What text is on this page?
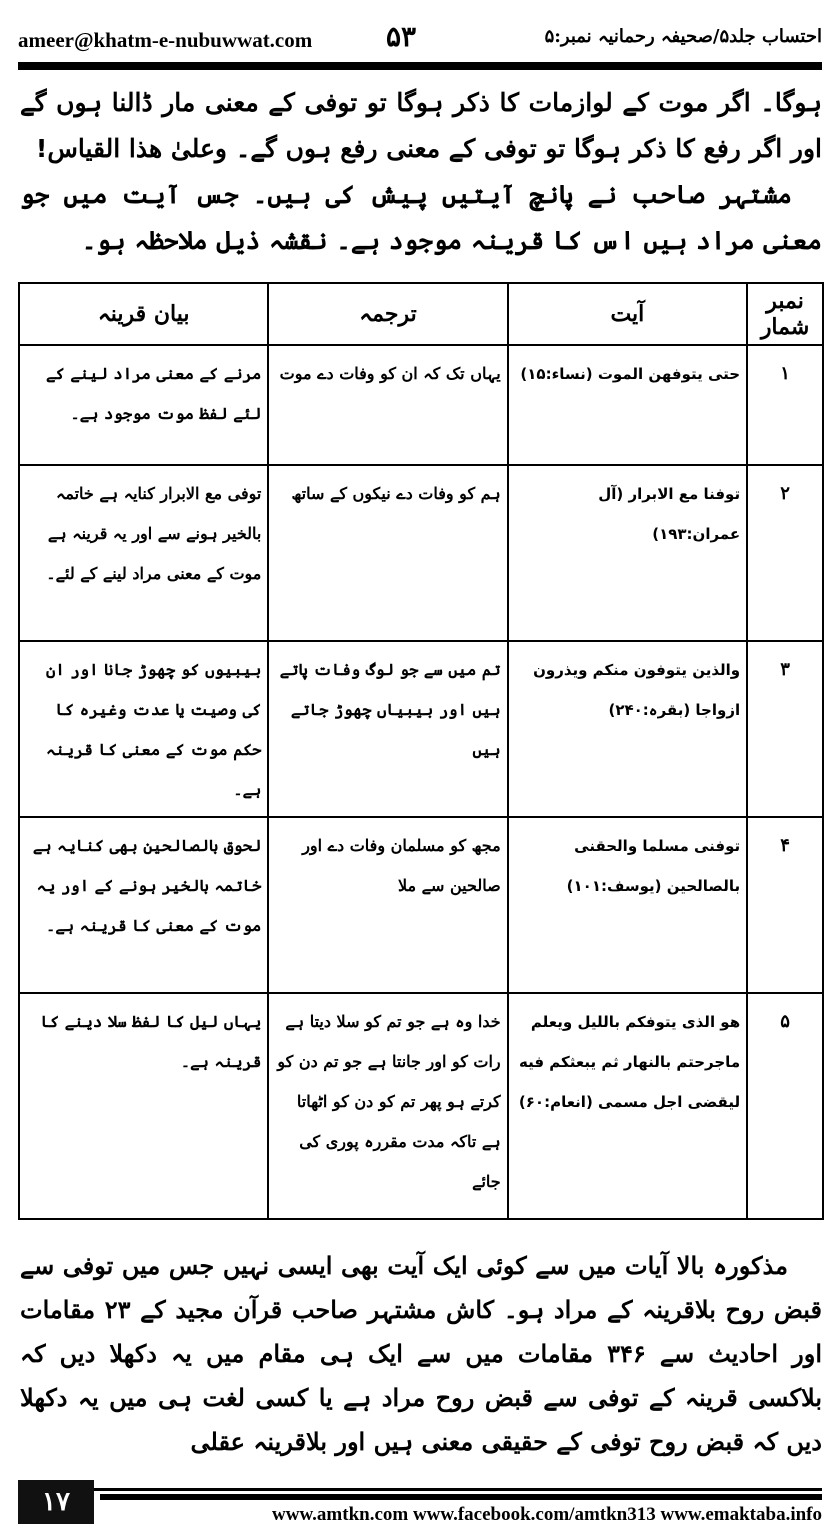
ameer@khatm-e-nubuwwat.com	۵۳	احتساب جلد۵/صحیفہ رحمانیہ نمبر:۵
ہوگا۔ اگر موت کے لوازمات کا ذکر ہوگا تو توفی کے معنی مار ڈالنا ہوں گے اور اگر رفع کا ذکر ہوگا تو توفی کے معنی رفع ہوں گے۔ وعلیٰ هذا القیاس!
مشتہر صاحب نے پانچ آیتیں پیش کی ہیں۔ جس آیت میں جو معنی مراد ہیں اس کا قرینہ موجود ہے۔ نقشہ ذیل ملاحظہ ہو۔
نمبر شمار	آیت	ترجمہ	بیان قرینہ
۱	حتی یتوفهن الموت (نساء:۱۵)	یہاں تک کہ ان کو وفات دے موت	مرنے کے معنی مراد لینے کے لئے لفظ موت موجود ہے۔
۲	توفنا مع الابرار (آل عمران:۱۹۳)	ہم کو وفات دے نیکوں کے ساتھ	توفی مع الابرار کنایہ ہے خاتمہ بالخیر ہونے سے اور یہ قرینہ ہے موت کے معنی مراد لینے کے لئے۔
۳	والذین یتوفون منکم ویذرون ازواجا (بقرہ:۲۴۰)	تم میں سے جو لوگ وفات پاتے ہیں اور بیبیاں چھوڑ جاتے ہیں	بیبیوں کو چھوڑ جانا اور ان کی وصیت یا عدت وغیرہ کا حکم موت کے معنی کا قرینہ ہے۔
۴	توفنی مسلما والحقنی بالصالحین (یوسف:۱۰۱)	مجھ کو مسلمان وفات دے اور صالحین سے ملا	لحوق بالصالحین بھی کنایہ ہے خاتمہ بالخیر ہونے کے اور یہ موت کے معنی کا قرینہ ہے۔
۵	هو الذی یتوفکم باللیل ویعلم ماجرحتم بالنهار ثم یبعثکم فیه لیقضی اجل مسمی (انعام:۶۰)	خدا وہ ہے جو تم کو سلا دیتا ہے رات کو اور جانتا ہے جو تم دن کو کرتے ہو پھر تم کو دن کو اٹھاتا ہے تاکہ مدت مقررہ پوری کی جائے	یہاں لیل کا لفظ سلا دینے کا قرینہ ہے۔
مذکورہ بالا آیات میں سے کوئی ایک آیت بھی ایسی نہیں جس میں توفی سے قبض روح بلاقرینہ کے مراد ہو۔ کاش مشتہر صاحب قرآن مجید کے ۲۳ مقامات اور احادیث سے ۳۴۶ مقامات میں سے ایک ہی مقام میں یہ دکھلا دیں کہ بلاکسی قرینہ کے توفی سے قبض روح مراد ہے یا کسی لغت ہی میں یہ دکھلا دیں کہ قبض روح توفی کے حقیقی معنی ہیں اور بلاقرینہ عقلی
۱۷	www.amtkn.com www.facebook.com/amtkn313 www.emaktaba.info
